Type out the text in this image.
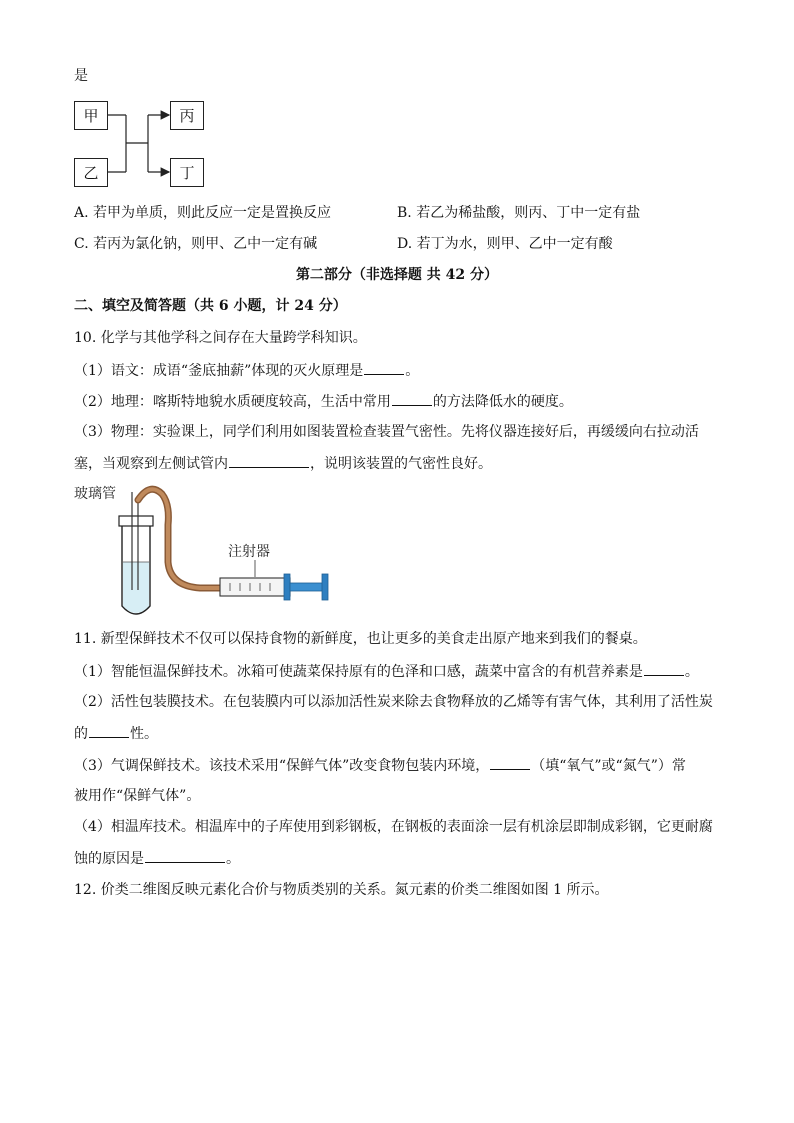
是
甲
乙
丙
丁
A. 若甲为单质，则此反应一定是置换反应	B. 若乙为稀盐酸，则丙、丁中一定有盐
C. 若丙为氯化钠，则甲、乙中一定有碱	D. 若丁为水，则甲、乙中一定有酸
第二部分（非选择题 共 42 分）
二、填空及简答题（共 6 小题，计 24 分）
10. 化学与其他学科之间存在大量跨学科知识。
（1）语文：成语“釜底抽薪”体现的灭火原理是	。
（2）地理：喀斯特地貌水质硬度较高，生活中常用	的方法降低水的硬度。
（3）物理：实验课上，同学们利用如图装置检查装置气密性。先将仪器连接好后，再缓缓向右拉动活
塞，当观察到左侧试管内	，说明该装置的气密性良好。
玻璃管
注射器
11. 新型保鲜技术不仅可以保持食物的新鲜度，也让更多的美食走出原产地来到我们的餐桌。
（1）智能恒温保鲜技术。冰箱可使蔬菜保持原有的色泽和口感，蔬菜中富含的有机营养素是	。
（2）活性包装膜技术。在包装膜内可以添加活性炭来除去食物释放的乙烯等有害气体，其利用了活性炭
的	性。
（3）气调保鲜技术。该技术采用“保鲜气体”改变食物包装内环境，	（填“氧气”或“氮气”）常
被用作“保鲜气体”。
（4）相温库技术。相温库中的子库使用到彩钢板，在钢板的表面涂一层有机涂层即制成彩钢，它更耐腐
蚀的原因是	。
12. 价类二维图反映元素化合价与物质类别的关系。氮元素的价类二维图如图 1 所示。
